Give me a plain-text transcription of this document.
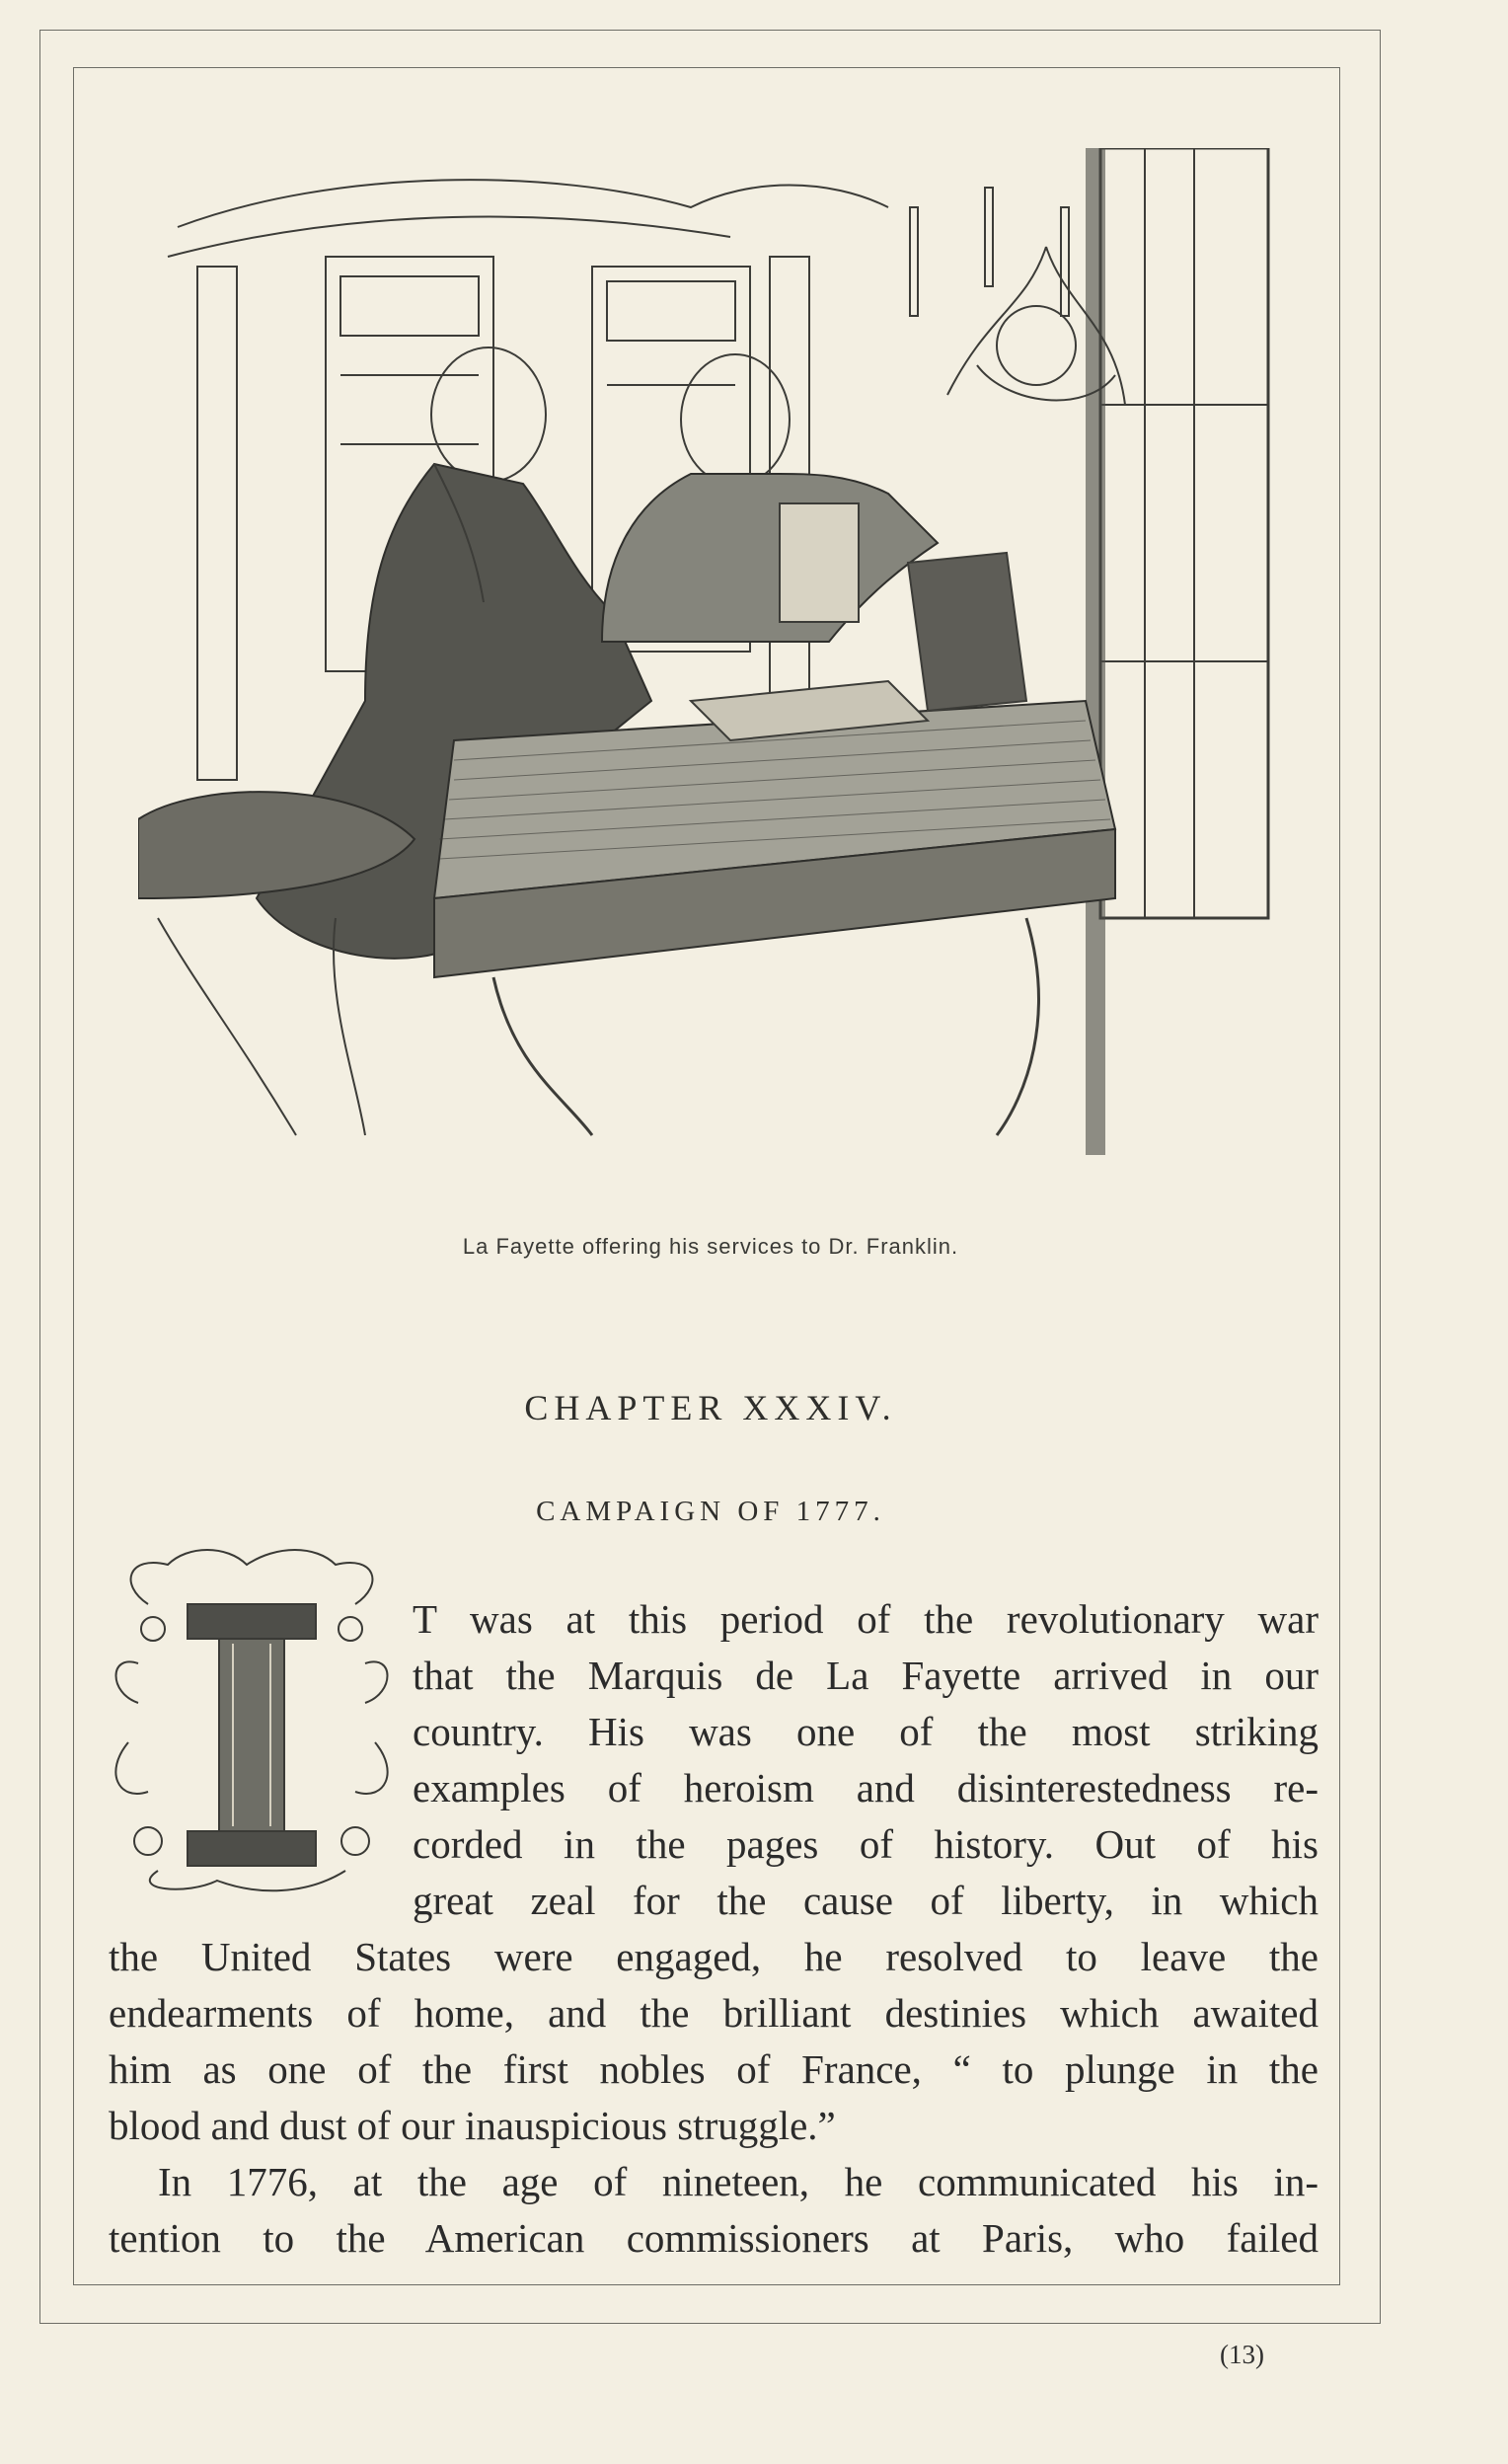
La Fayette offering his services to Dr. Franklin.
CHAPTER XXXIV.
CAMPAIGN OF 1777.
T was at this period of the revolutionary war
that the Marquis de La Fayette arrived in our
country. His was one of the most striking
examples of heroism and disinterestedness re-
corded in the pages of history. Out of his
great zeal for the cause of liberty, in which
the United States were engaged, he resolved to leave the
endearments of home, and the brilliant destinies which awaited
him as one of the first nobles of France, “ to plunge in the
blood and dust of our inauspicious struggle.”
In 1776, at the age of nineteen, he communicated his in-
tention to the American commissioners at Paris, who failed
(13)
